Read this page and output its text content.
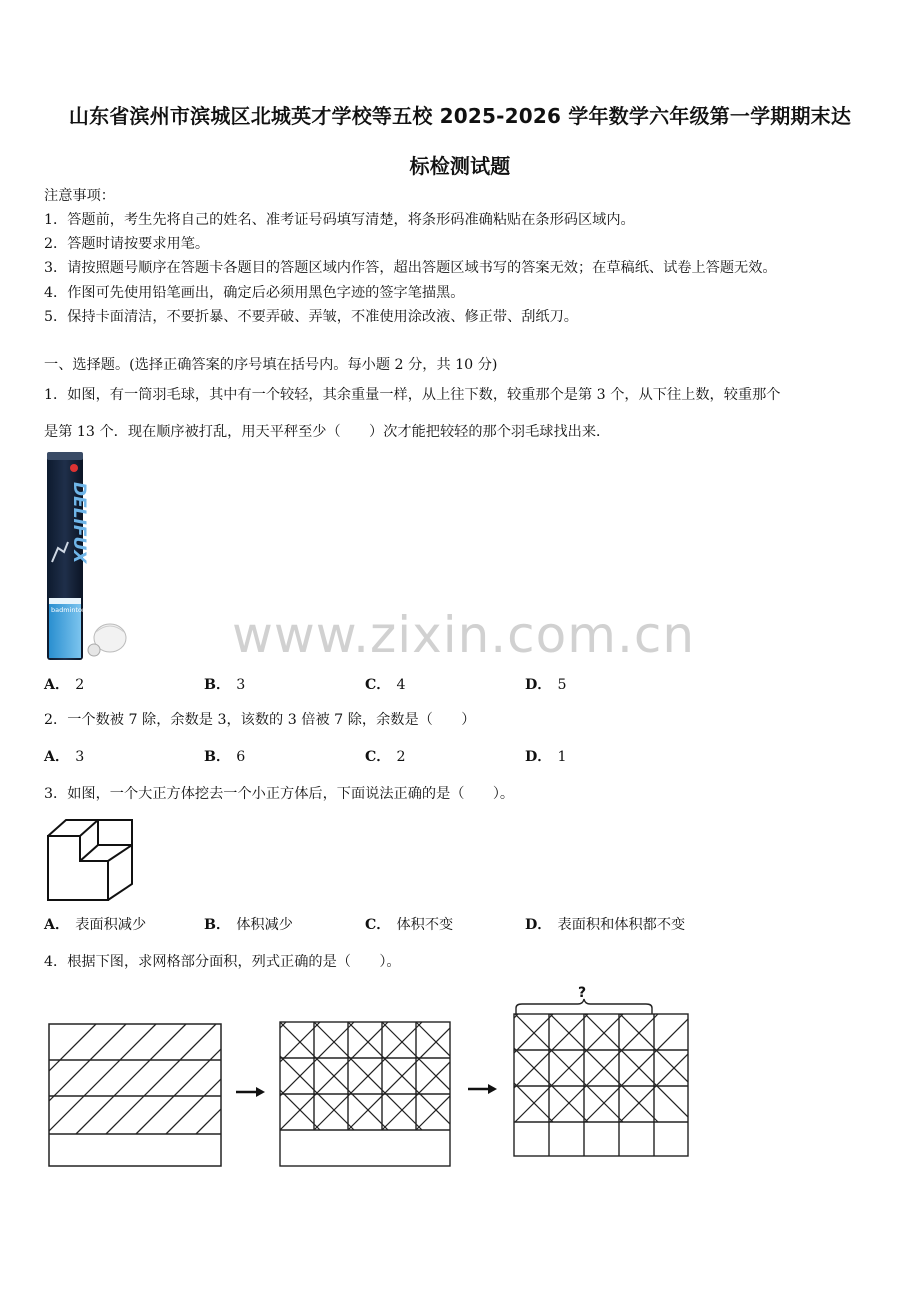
山东省滨州市滨城区北城英才学校等五校 2025-2026 学年数学六年级第一学期期末达
标检测试题
注意事项：
1．答题前，考生先将自己的姓名、准考证号码填写清楚，将条形码准确粘贴在条形码区域内。
2．答题时请按要求用笔。
3．请按照题号顺序在答题卡各题目的答题区域内作答，超出答题区域书写的答案无效；在草稿纸、试卷上答题无效。
4．作图可先使用铅笔画出，确定后必须用黑色字迹的签字笔描黑。
5．保持卡面清洁，不要折暴、不要弄破、弄皱，不准使用涂改液、修正带、刮纸刀。
一、选择题。(选择正确答案的序号填在括号内。每小题 2 分，共 10 分)
1．如图，有一筒羽毛球，其中有一个较轻，其余重量一样，从上往下数，较重那个是第 3 个，从下往上数，较重那个
是第 13 个．现在顺序被打乱，用天平秤至少（　　）次才能把较轻的那个羽毛球找出来．
DELIFUX
badminton	www.zixin.com.cn
A． 2	B． 3	C． 4	D． 5
2．一个数被 7 除，余数是 3，该数的 3 倍被 7 除，余数是（　　）
A． 3	B． 6	C． 2	D． 1
3．如图，一个大正方体挖去一个小正方体后，下面说法正确的是（　　）。
A． 表面积减少	B． 体积减少	C． 体积不变	D． 表面积和体积都不变
4．根据下图，求网格部分面积，列式正确的是（　　）。
?
